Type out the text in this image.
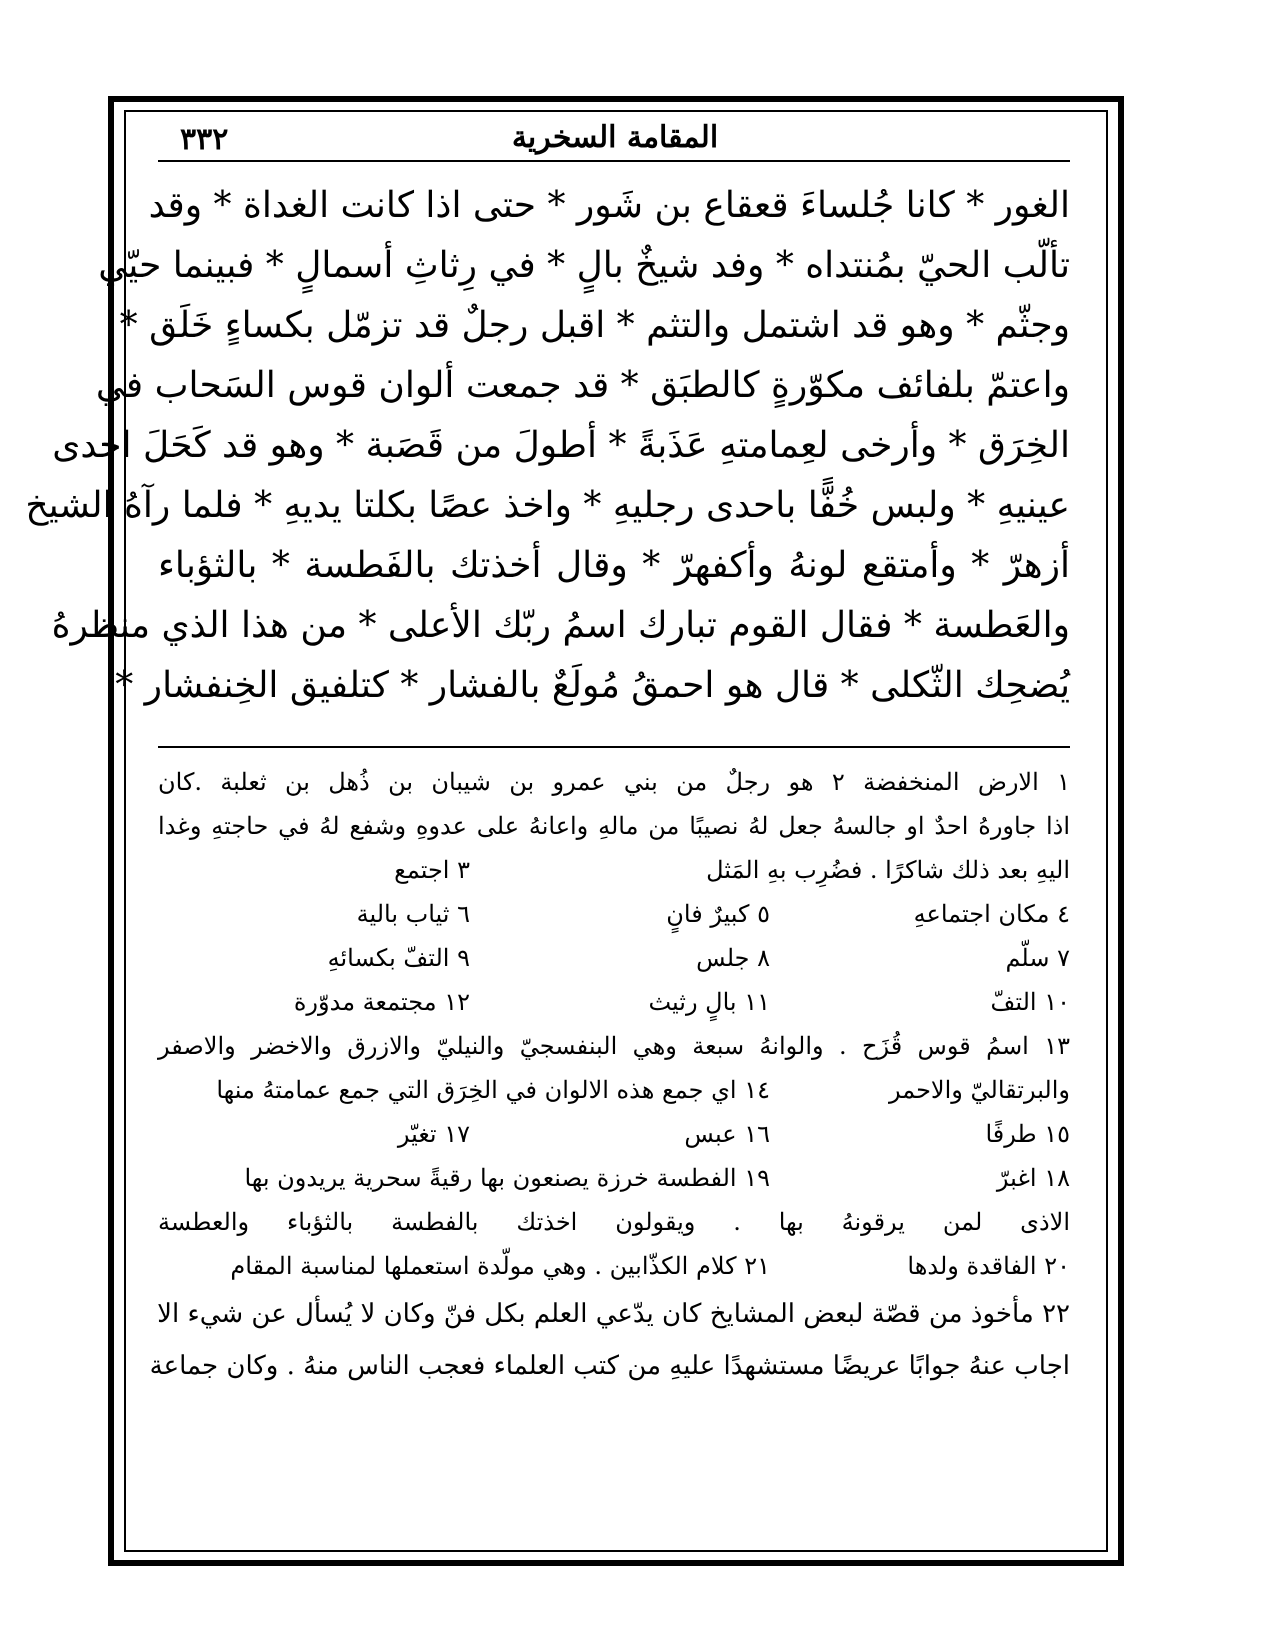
٣٣٢	المقامة السخرية
الغور * كانا جُلساءَ قعقاع بن شَور * حتى اذا كانت الغداة * وقد
تألّب الحيّ بمُنتداه * وفد شيخٌ بالٍ * في رِثاثِ أسمالٍ * فبينما حيّي
وجثّم * وهو قد اشتمل والتثم * اقبل رجلٌ قد تزمّل بكساءٍ خَلَق *
واعتمّ بلفائف مكوّرةٍ كالطبَق * قد جمعت ألوان قوس السَحاب في
الخِرَق * وأرخى لعِمامتهِ عَذَبةً * أطولَ من قَصَبة * وهو قد كَحَلَ احدى
عينيهِ * ولبس خُفًّا باحدى رجليهِ * واخذ عصًا بكلتا يديهِ * فلما رآهُ الشيخ
أزهرّ * وأمتقع لونهُ وأكفهرّ * وقال أخذتك بالفَطسة * بالثؤباء
والعَطسة * فقال القوم تبارك اسمُ ربّك الأعلى * من هذا الذي منظرهُ
يُضحِك الثّكلى * قال هو احمقُ مُولَعٌ بالفشار * كتلفيق الخِنفشار *
١ الارض المنخفضة ٢ هو رجلٌ من بني عمرو بن شيبان بن ذُهل بن ثعلبة .كان
اذا جاورهُ احدٌ او جالسهُ جعل لهُ نصيبًا من مالهِ واعانهُ على عدوهِ وشفع لهُ في حاجتهِ وغدا
اليهِ بعد ذلك شاكرًا . فضُرِب بهِ المَثل
٣ اجتمع
٤ مكان اجتماعهِ
٥ كبيرٌ فانٍ
٦ ثياب بالية
٧ سلّم
٨ جلس
٩ التفّ بكسائهِ
١٠ التفّ
١١ بالٍ رثيث
١٢ مجتمعة مدوّرة
١٣ اسمُ قوس قُزَح . والوانهُ سبعة وهي البنفسجيّ والنيليّ والازرق والاخضر والاصفر
والبرتقاليّ والاحمر
١٤ اي جمع هذه الالوان في الخِرَق التي جمع عمامتهُ منها
١٥ طرفًا
١٦ عبس
١٧ تغيّر
١٨ اغبرّ
١٩ الفطسة خرزة يصنعون بها رقيةً سحرية يريدون بها
الاذى لمن يرقونهُ بها . ويقولون اخذتك بالفطسة بالثؤباء والعطسة
٢٠ الفاقدة ولدها
٢١ كلام الكذّابين . وهي مولّدة استعملها لمناسبة المقام
٢٢ مأخوذ من قصّة لبعض المشايخ كان يدّعي العلم بكل فنّ وكان لا يُسأل عن شيء الا
اجاب عنهُ جوابًا عريضًا مستشهدًا عليهِ من كتب العلماء فعجب الناس منهُ . وكان جماعة
